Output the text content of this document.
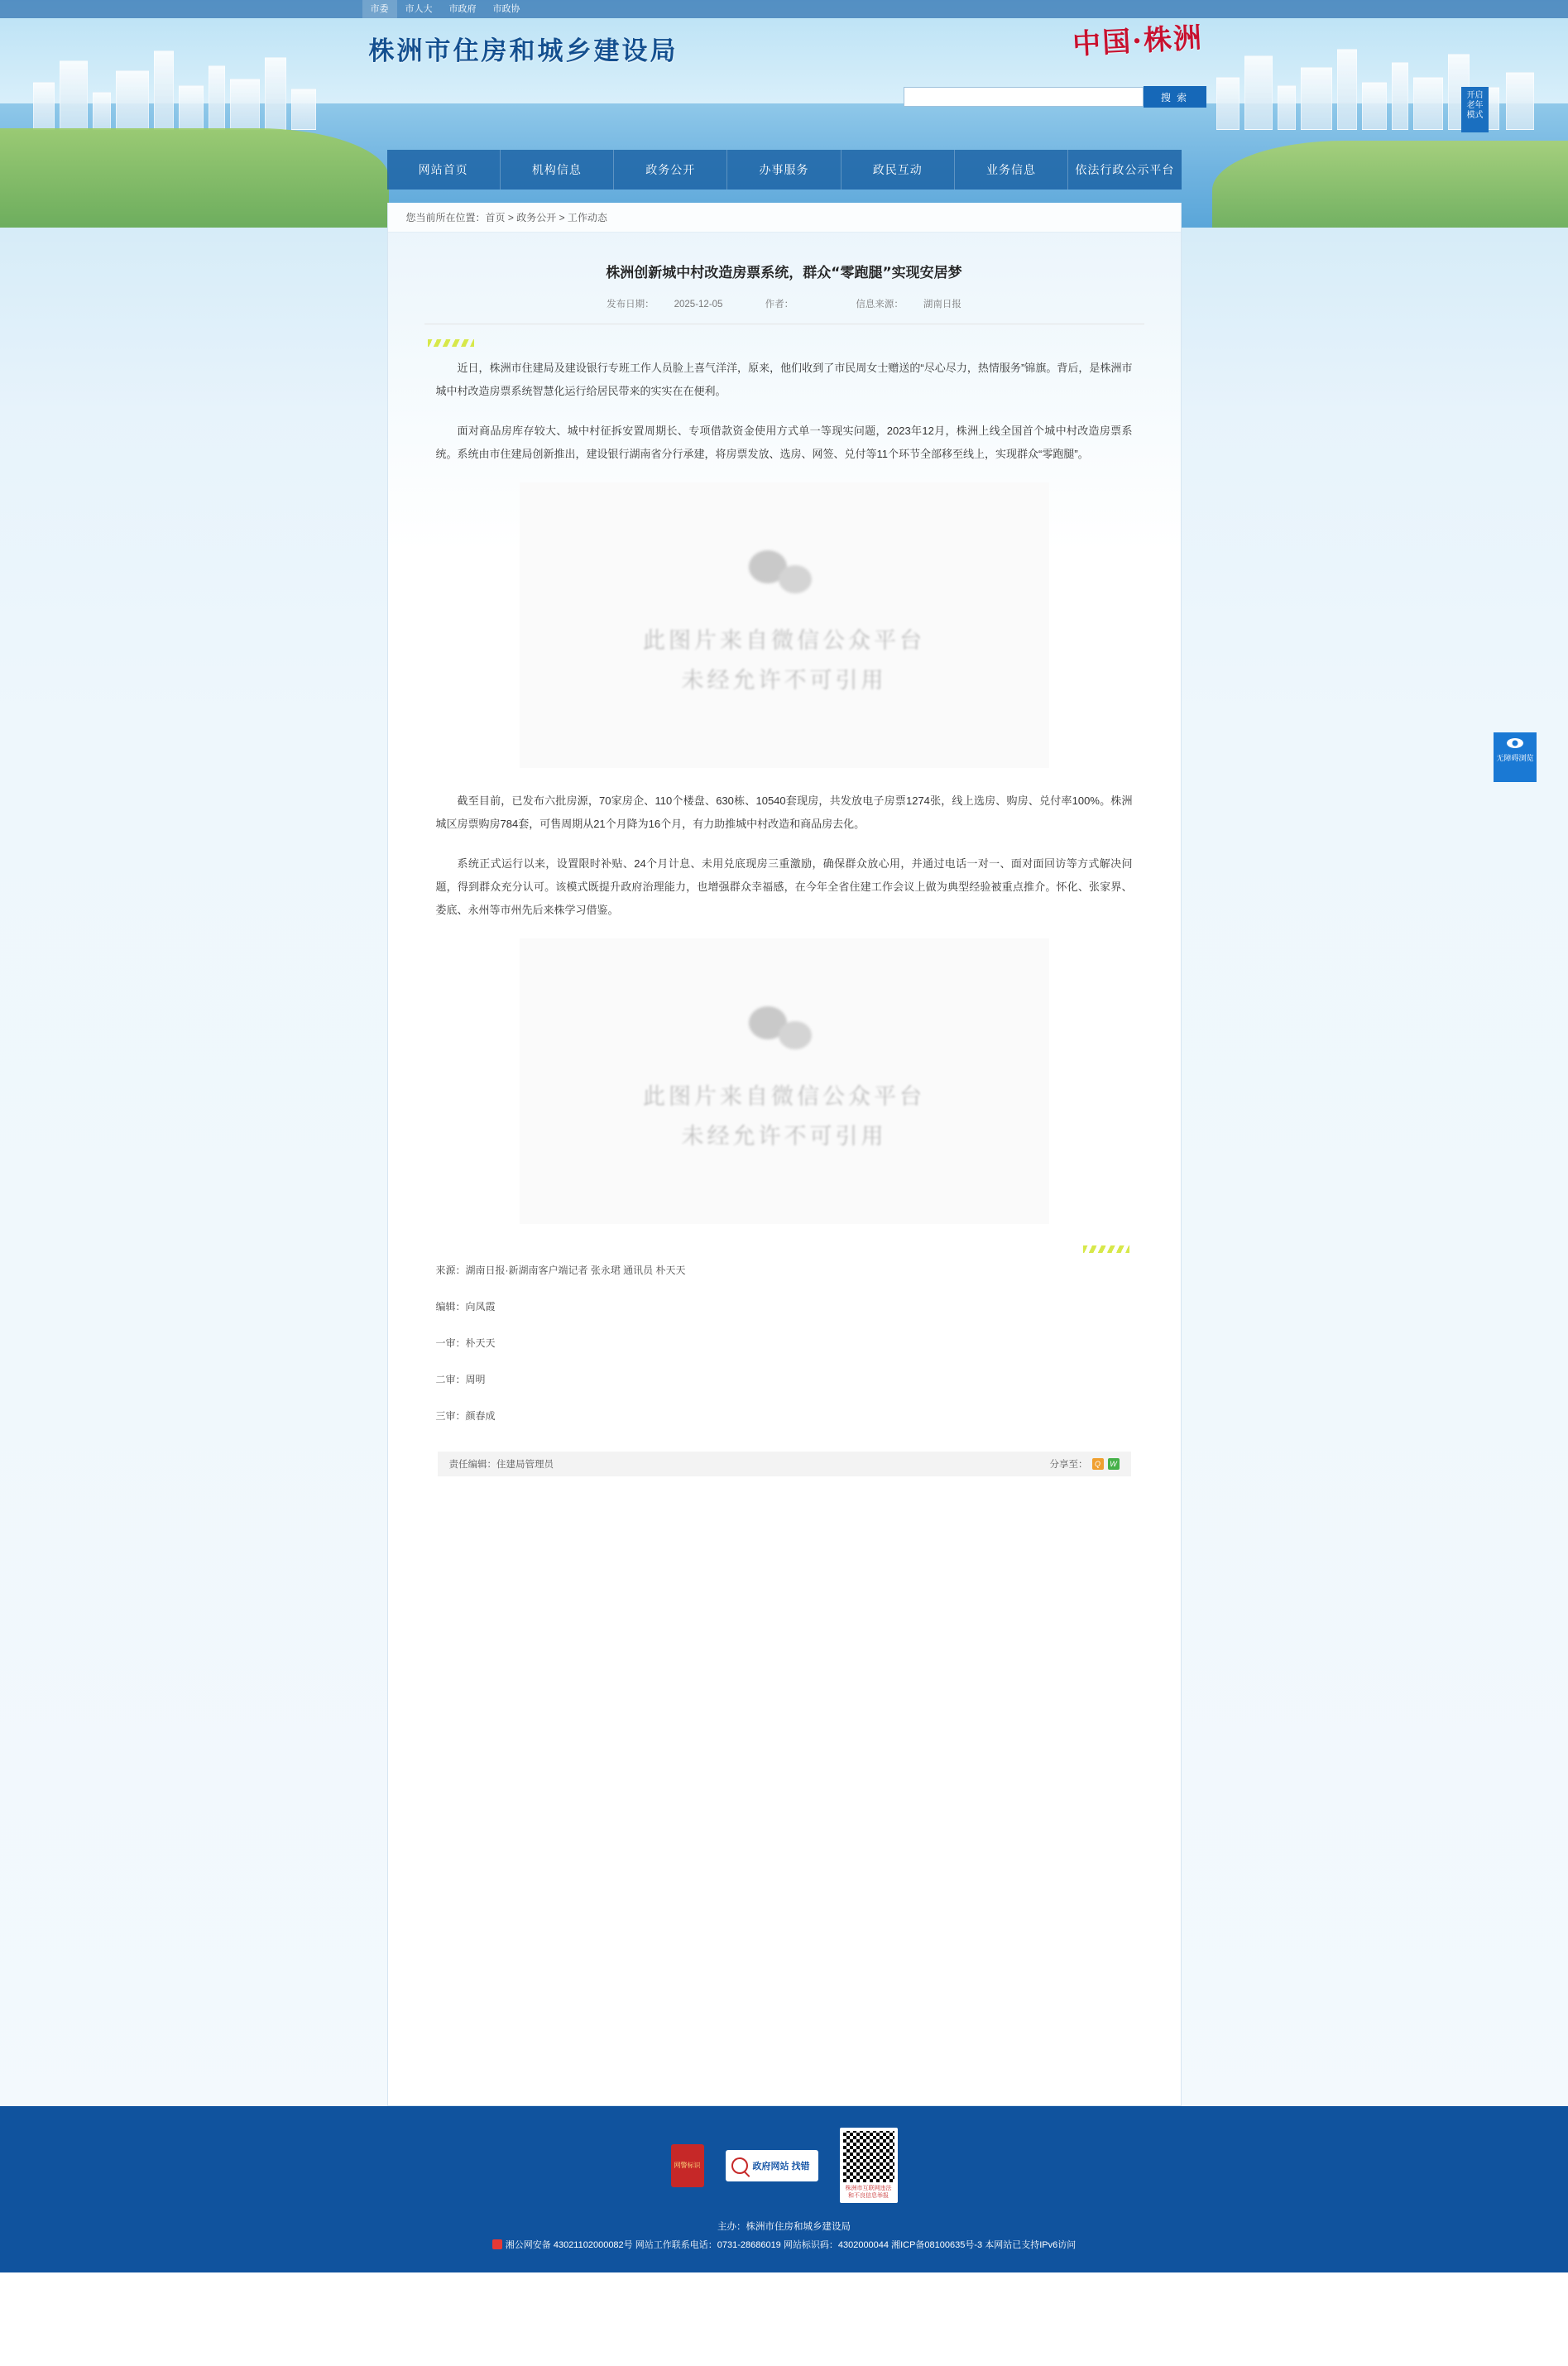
市委	市人大	市政府	市政协
株洲市住房和城乡建设局	中国·株洲
搜 索	开启老年模式
网站首页	机构信息	政务公开	办事服务	政民互动	业务信息	依法行政公示平台
您当前所在位置：首页 > 政务公开 > 工作动态
株洲创新城中村改造房票系统，群众“零跑腿”实现安居梦
发布日期： 2025-12-05	作者：	信息来源： 湖南日报

近日，株洲市住建局及建设银行专班工作人员脸上喜气洋洋，原来，他们收到了市民周女士赠送的“尽心尽力，热情服务”锦旗。背后，是株洲市城中村改造房票系统智慧化运行给居民带来的实实在在便利。

面对商品房库存较大、城中村征拆安置周期长、专项借款资金使用方式单一等现实问题，2023年12月，株洲上线全国首个城中村改造房票系统。系统由市住建局创新推出，建设银行湖南省分行承建，将房票发放、选房、网签、兑付等11个环节全部移至线上，实现群众“零跑腿”。

此图片来自微信公众平台
未经允许不可引用

截至目前，已发布六批房源，70家房企、110个楼盘、630栋、10540套现房，共发放电子房票1274张，线上选房、购房、兑付率100%。株洲城区房票购房784套，可售周期从21个月降为16个月，有力助推城中村改造和商品房去化。

系统正式运行以来，设置限时补贴、24个月计息、未用兑底现房三重激励，确保群众放心用，并通过电话一对一、面对面回访等方式解决问题，得到群众充分认可。该模式既提升政府治理能力，也增强群众幸福感，在今年全省住建工作会议上做为典型经验被重点推介。怀化、张家界、娄底、永州等市州先后来株学习借鉴。

此图片来自微信公众平台
未经允许不可引用
来源：湖南日报·新湖南客户端记者 张永珺 通讯员 朴天天
编辑：向凤霞
一审：朴天天
二审：周明
三审：颜春成
责任编辑：住建局管理员	分享至： Q	W
无障碍浏览
网警标识	政府网站 找错
株洲市互联网违法和不良信息举报
主办：株洲市住房和城乡建设局
湘公网安备 43021102000082号 网站工作联系电话：0731-28686019 网站标识码：4302000044 湘ICP备08100635号-3 本网站已支持IPv6访问
